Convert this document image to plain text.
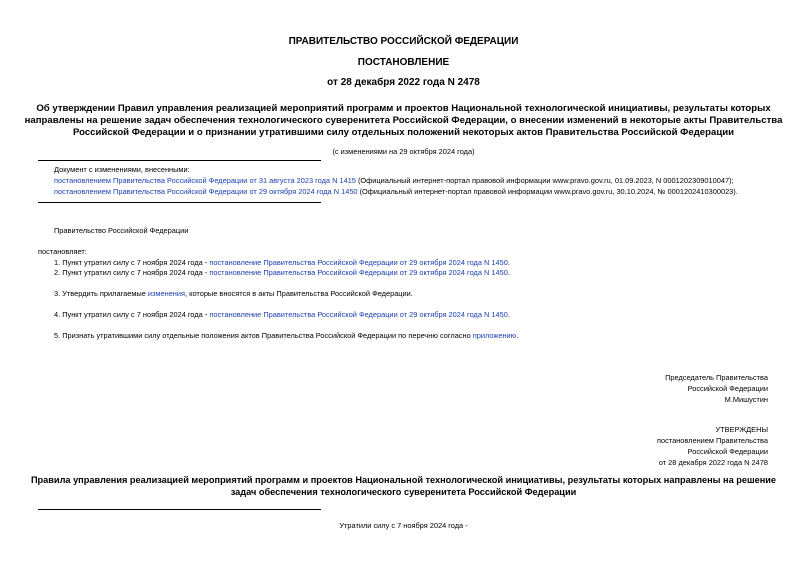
ПРАВИТЕЛЬСТВО РОССИЙСКОЙ ФЕДЕРАЦИИ
ПОСТАНОВЛЕНИЕ
от 28 декабря 2022 года N 2478
Об утверждении Правил управления реализацией мероприятий программ и проектов Национальной технологической инициативы, результаты которых
направлены на решение задач обеспечения технологического суверенитета Российской Федерации, о внесении изменений в некоторые акты Правительства
Российской Федерации и о признании утратившими силу отдельных положений некоторых актов Правительства Российской Федерации
(с изменениями на 29 октября 2024 года)
Документ с изменениями, внесенными:
постановлением Правительства Российской Федерации от 31 августа 2023 года N 1415 (Официальный интернет-портал правовой информации www.pravo.gov.ru, 01.09.2023, N 0001202309010047);
постановлением Правительства Российской Федерации от 29 октября 2024 года N 1450 (Официальный интернет-портал правовой информации www.pravo.gov.ru, 30.10.2024, № 0001202410300023).
Правительство Российской Федерации
постановляет:
1. Пункт утратил силу с 7 ноября 2024 года - постановление Правительства Российской Федерации от 29 октября 2024 года N 1450.
2. Пункт утратил силу с 7 ноября 2024 года - постановление Правительства Российской Федерации от 29 октября 2024 года N 1450.
3. Утвердить прилагаемые изменения, которые вносятся в акты Правительства Российской Федерации.
4. Пункт утратил силу с 7 ноября 2024 года - постановление Правительства Российской Федерации от 29 октября 2024 года N 1450.
5. Признать утратившими силу отдельные положения актов Правительства Российской Федерации по перечню согласно приложению.
Председатель Правительства
Российской Федерации
М.Мишустин
УТВЕРЖДЕНЫ
постановлением Правительства
Российской Федерации
от 28 декабря 2022 года N 2478
Правила управления реализацией мероприятий программ и проектов Национальной технологической инициативы, результаты которых направлены на решение
задач обеспечения технологического суверенитета Российской Федерации
Утратили силу с 7 ноября 2024 года -
